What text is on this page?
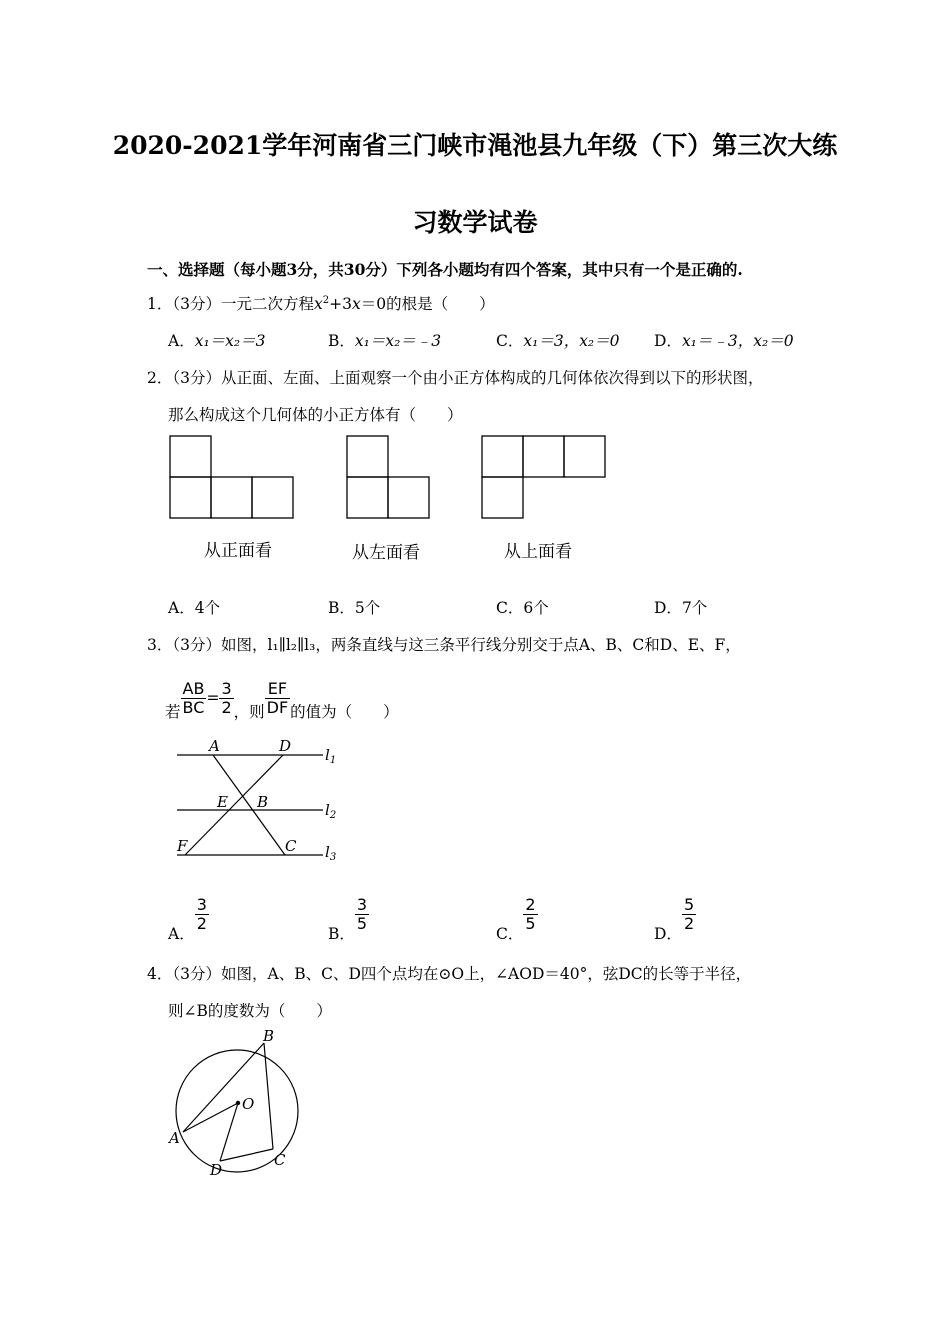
2020-2021学年河南省三门峡市渑池县九年级（下）第三次大练
习数学试卷
一、选择题（每小题3分，共30分）下列各小题均有四个答案，其中只有一个是正确的.
1．（3分）一元二次方程$x^2+3x=0$的根是（　　）
A．x₁＝x₂＝3	B．x₁＝x₂＝﹣3	C．x₁＝3，x₂＝0 D．x₁＝﹣3，x₂＝0
2．（3分）从正面、左面、上面观察一个由小正方体构成的几何体依次得到以下的形状图，
那么构成这个几何体的小正方体有（　　）
从正面看	从左面看	从上面看
A．4个	B．5个	C．6个	D．7个
3．（3分）如图，l₁∥l₂∥l₃，两条直线与这三条平行线分别交于点A、B、C和D、E、F，
若 $\frac{AB}{BC} = \frac{3}{2}$ ，则 $\frac{EF}{DF}$ 的值为（　　）
A	D
E B
F	C
$l_1$
$l_2$
$l_3$
A．
$\frac{3}{2}$
B．
$\frac{3}{5}$
C．
$\frac{2}{5}$
D．
$\frac{5}{2}$
4．（3分）如图，A、B、C、D四个点均在⊙O上，∠AOD＝40°，弦DC的长等于半径，
则∠B的度数为（　　）
B
O
A
D
C
